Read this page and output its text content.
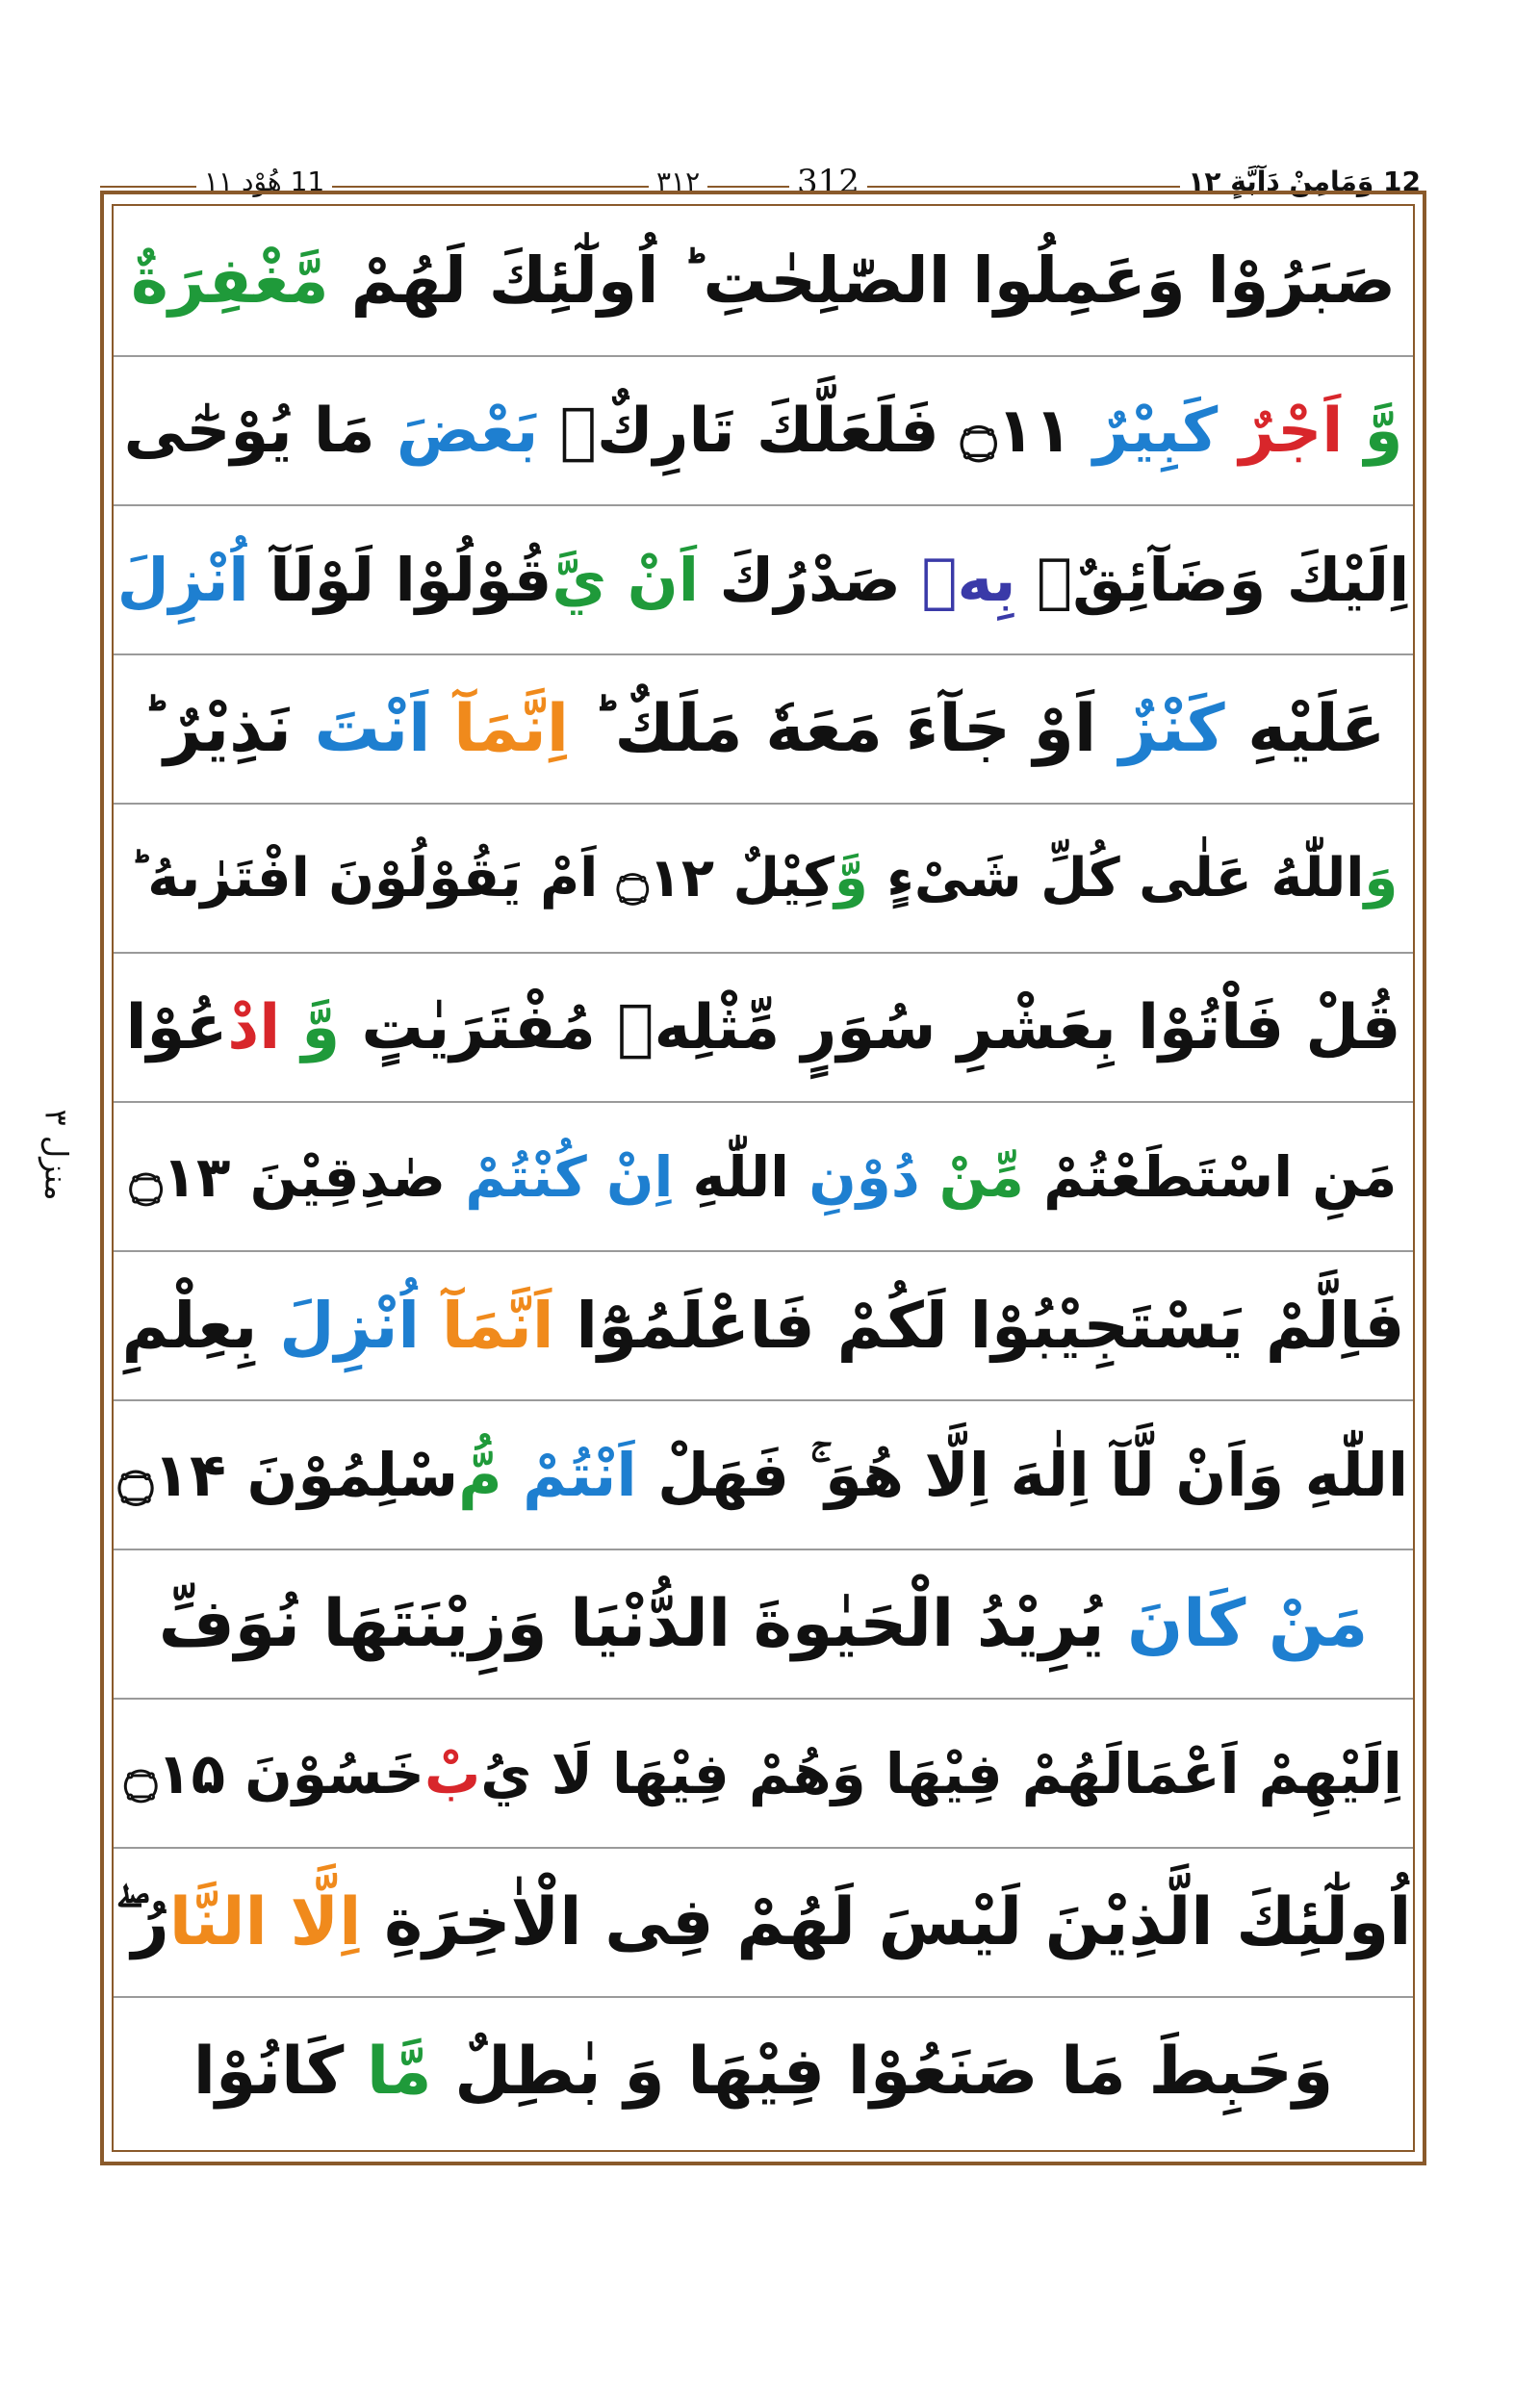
11 هُوْد ۱۱	۳۱۲	312	12 وَمَامِنْ دَآبَّةٍ ۱۲
صَبَرُوْا وَعَمِلُوا الصّٰلِحٰتِ ؕ اُولٰٓئِكَ لَهُمْ
مَّغْفِرَةٌ
وَّ
اَجْرٌ
كَبِيْرٌ
۝۱۱
فَلَعَلَّكَ تَارِكٌۢ
بَعْضَ
مَا يُوْحٰٓى
اِلَيْكَ وَضَآئِقٌۢ
بِهٖ
صَدْرُكَ
اَنْ يَّ
قُوْلُوْا لَوْلَآ
اُنْزِلَ
عَلَيْهِ
كَنْزٌ
اَوْ جَآءَ مَعَهٗ مَلَكٌ ؕ
اِنَّمَآ
اَنْتَ
نَذِيْرٌ ؕ
وَ
اللّٰهُ عَلٰى كُلِّ شَیْءٍ
وَّ
كِيْلٌ ۝۱۲ اَمْ يَقُوْلُوْنَ افْتَرٰىهُ ؕ
قُلْ فَاْتُوْا بِعَشْرِ سُوَرٍ مِّثْلِهٖ مُفْتَرَيٰتٍ
وَّ
ادْ
عُوْا
مَنِ اسْتَطَعْتُمْ
مِّنْ
دُوْنِ
اللّٰهِ
اِنْ كُنْتُمْ
صٰدِقِيْنَ ۝۱۳
فَاِلَّمْ يَسْتَجِيْبُوْا لَكُمْ فَاعْلَمُوْٓا
اَنَّمَآ
اُنْزِلَ
بِعِلْمِ
اللّٰهِ وَاَنْ لَّآ اِلٰهَ اِلَّا هُوَ ۚ فَهَلْ
اَنْتُمْ
مُّ
سْلِمُوْنَ ۝۱۴
مَنْ كَانَ
يُرِيْدُ الْحَيٰوةَ الدُّنْيَا وَزِيْنَتَهَا نُوَفِّ
اِلَيْهِمْ اَعْمَالَهُمْ فِيْهَا وَهُمْ فِيْهَا لَا يُ
بْ
خَسُوْنَ ۝۱۵
اُولٰٓئِكَ الَّذِيْنَ لَيْسَ لَهُمْ فِی الْاٰخِرَةِ
اِلَّا النَّا
رُ ۖ
وَحَبِطَ مَا صَنَعُوْا فِيْهَا وَ بٰطِلٌ
مَّا
كَانُوْا
منزل ۳
